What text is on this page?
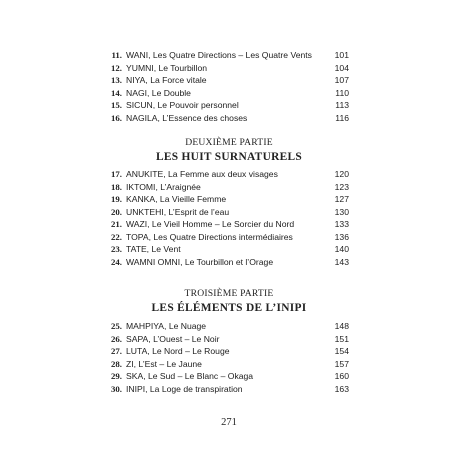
11. WANI, Les Quatre Directions – Les Quatre Vents	101
12. YUMNI, Le Tourbillon	104
13. NIYA, La Force vitale	107
14. NAGI, Le Double	110
15. SICUN, Le Pouvoir personnel	113
16. NAGILA, L’Essence des choses	116
DEUXIÈME PARTIE
LES HUIT SURNATURELS
17. ANUKITE, La Femme aux deux visages	120
18. IKTOMI, L’Araignée	123
19. KANKA, La Vieille Femme	127
20. UNKTEHI, L’Esprit de l’eau	130
21. WAZI, Le Vieil Homme – Le Sorcier du Nord	133
22. TOPA, Les Quatre Directions intermédiaires	136
23. TATE, Le Vent	140
24. WAMNI OMNI, Le Tourbillon et l’Orage	143
TROISIÈME PARTIE
LES ÉLÉMENTS DE L’INIPI
25. MAHPIYA, Le Nuage	148
26. SAPA, L’Ouest – Le Noir	151
27. LUTA, Le Nord – Le Rouge	154
28. ZI, L’Est – Le Jaune	157
29. SKA, Le Sud – Le Blanc – Okaga	160
30. INIPI, La Loge de transpiration	163
271
